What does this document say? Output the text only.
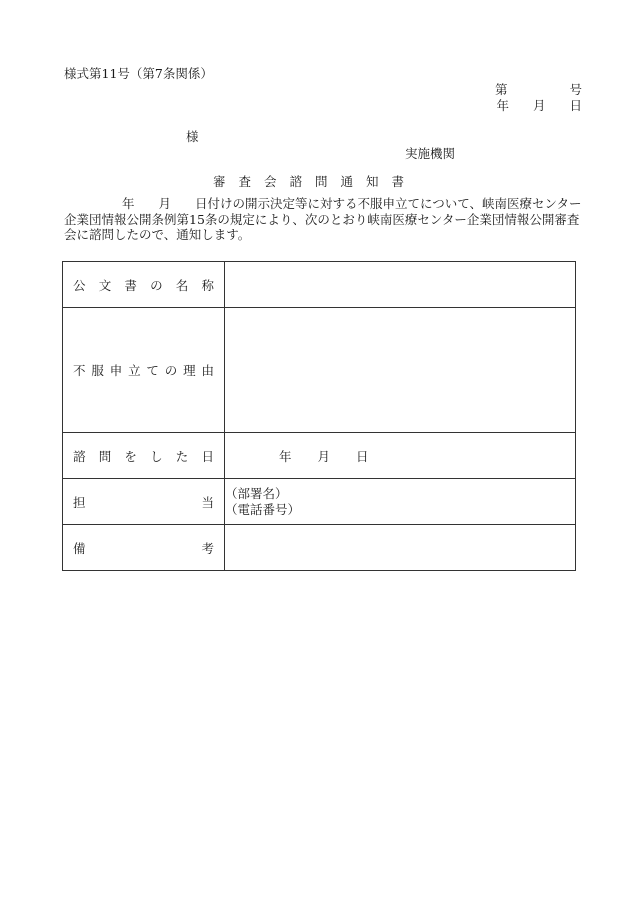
様式第11号（第7条関係）
第	号
年 月 日
様
実施機関
審査会諮問通知書

年 月 日付けの開示決定等に対する不服申立てについて、峡南医療センター企業団情報公開条例第15条の規定により、次のとおり峡南医療センター企業団情報公開審査会に諮問したので、通知します。

公文書の名称	

不服申立ての理由	

諮問をした日	年 月 日

担当	（部署名）
（電話番号）

備考	
